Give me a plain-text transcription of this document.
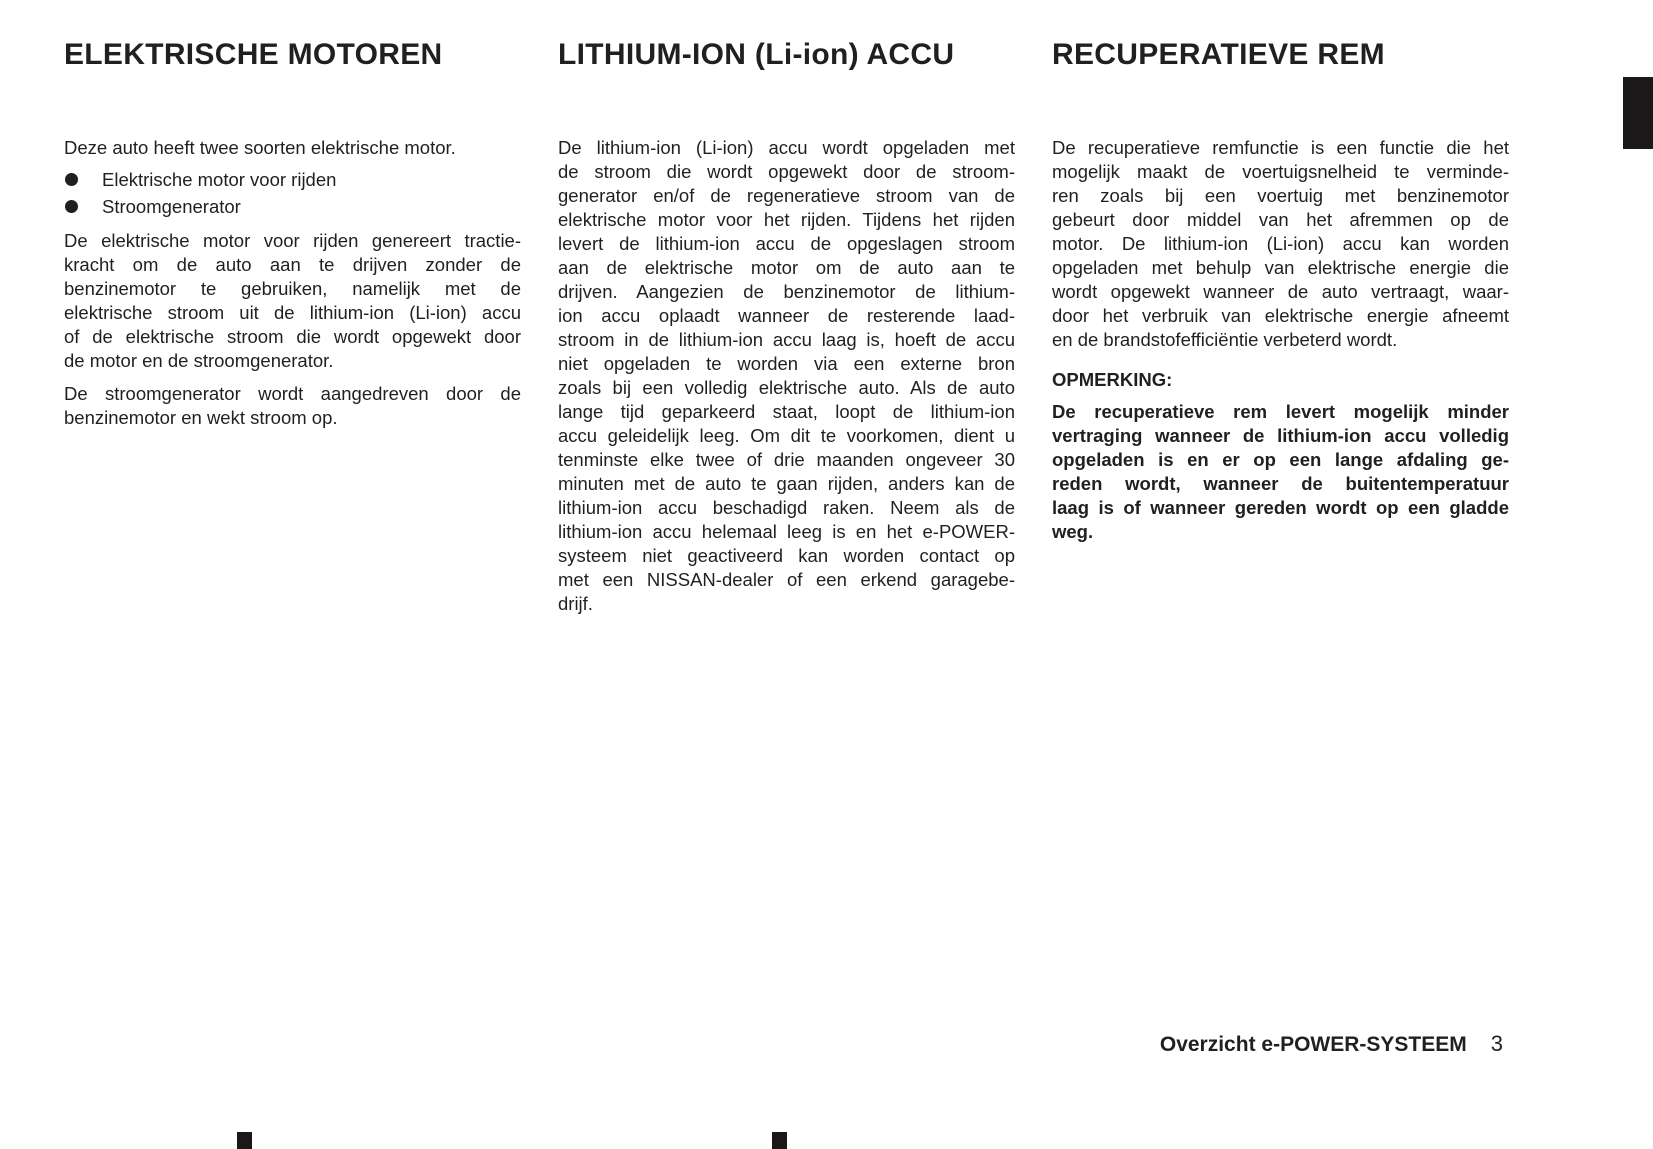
ELEKTRISCHE MOTOREN

Deze auto heeft twee soorten elektrische motor.

Elektrische motor voor rijden
Stroomgenerator
De elektrische motor voor rijden genereert tractie-
kracht om de auto aan te drijven zonder de
benzinemotor te gebruiken, namelijk met de
elektrische stroom uit de lithium-ion (Li-ion) accu
of de elektrische stroom die wordt opgewekt door
de motor en de stroomgenerator.
De stroomgenerator wordt aangedreven door de
benzinemotor en wekt stroom op.
LITHIUM-ION (Li-ion) ACCU
De lithium-ion (Li-ion) accu wordt opgeladen met
de stroom die wordt opgewekt door de stroom-
generator en/of de regeneratieve stroom van de
elektrische motor voor het rijden. Tijdens het rijden
levert de lithium-ion accu de opgeslagen stroom
aan de elektrische motor om de auto aan te
drijven. Aangezien de benzinemotor de lithium-
ion accu oplaadt wanneer de resterende laad-
stroom in de lithium-ion accu laag is, hoeft de accu
niet opgeladen te worden via een externe bron
zoals bij een volledig elektrische auto. Als de auto
lange tijd geparkeerd staat, loopt de lithium-ion
accu geleidelijk leeg. Om dit te voorkomen, dient u
tenminste elke twee of drie maanden ongeveer 30
minuten met de auto te gaan rijden, anders kan de
lithium-ion accu beschadigd raken. Neem als de
lithium-ion accu helemaal leeg is en het e-POWER-
systeem niet geactiveerd kan worden contact op
met een NISSAN-dealer of een erkend garagebe-
drijf.
RECUPERATIEVE REM
De recuperatieve remfunctie is een functie die het
mogelijk maakt de voertuigsnelheid te verminde-
ren zoals bij een voertuig met benzinemotor
gebeurt door middel van het afremmen op de
motor. De lithium-ion (Li-ion) accu kan worden
opgeladen met behulp van elektrische energie die
wordt opgewekt wanneer de auto vertraagt, waar-
door het verbruik van elektrische energie afneemt
en de brandstofefficiëntie verbeterd wordt.
OPMERKING:
De recuperatieve rem levert mogelijk minder
vertraging wanneer de lithium-ion accu volledig
opgeladen is en er op een lange afdaling ge-
reden wordt, wanneer de buitentemperatuur
laag is of wanneer gereden wordt op een gladde
weg.
Overzicht e-POWER-SYSTEEM 3
